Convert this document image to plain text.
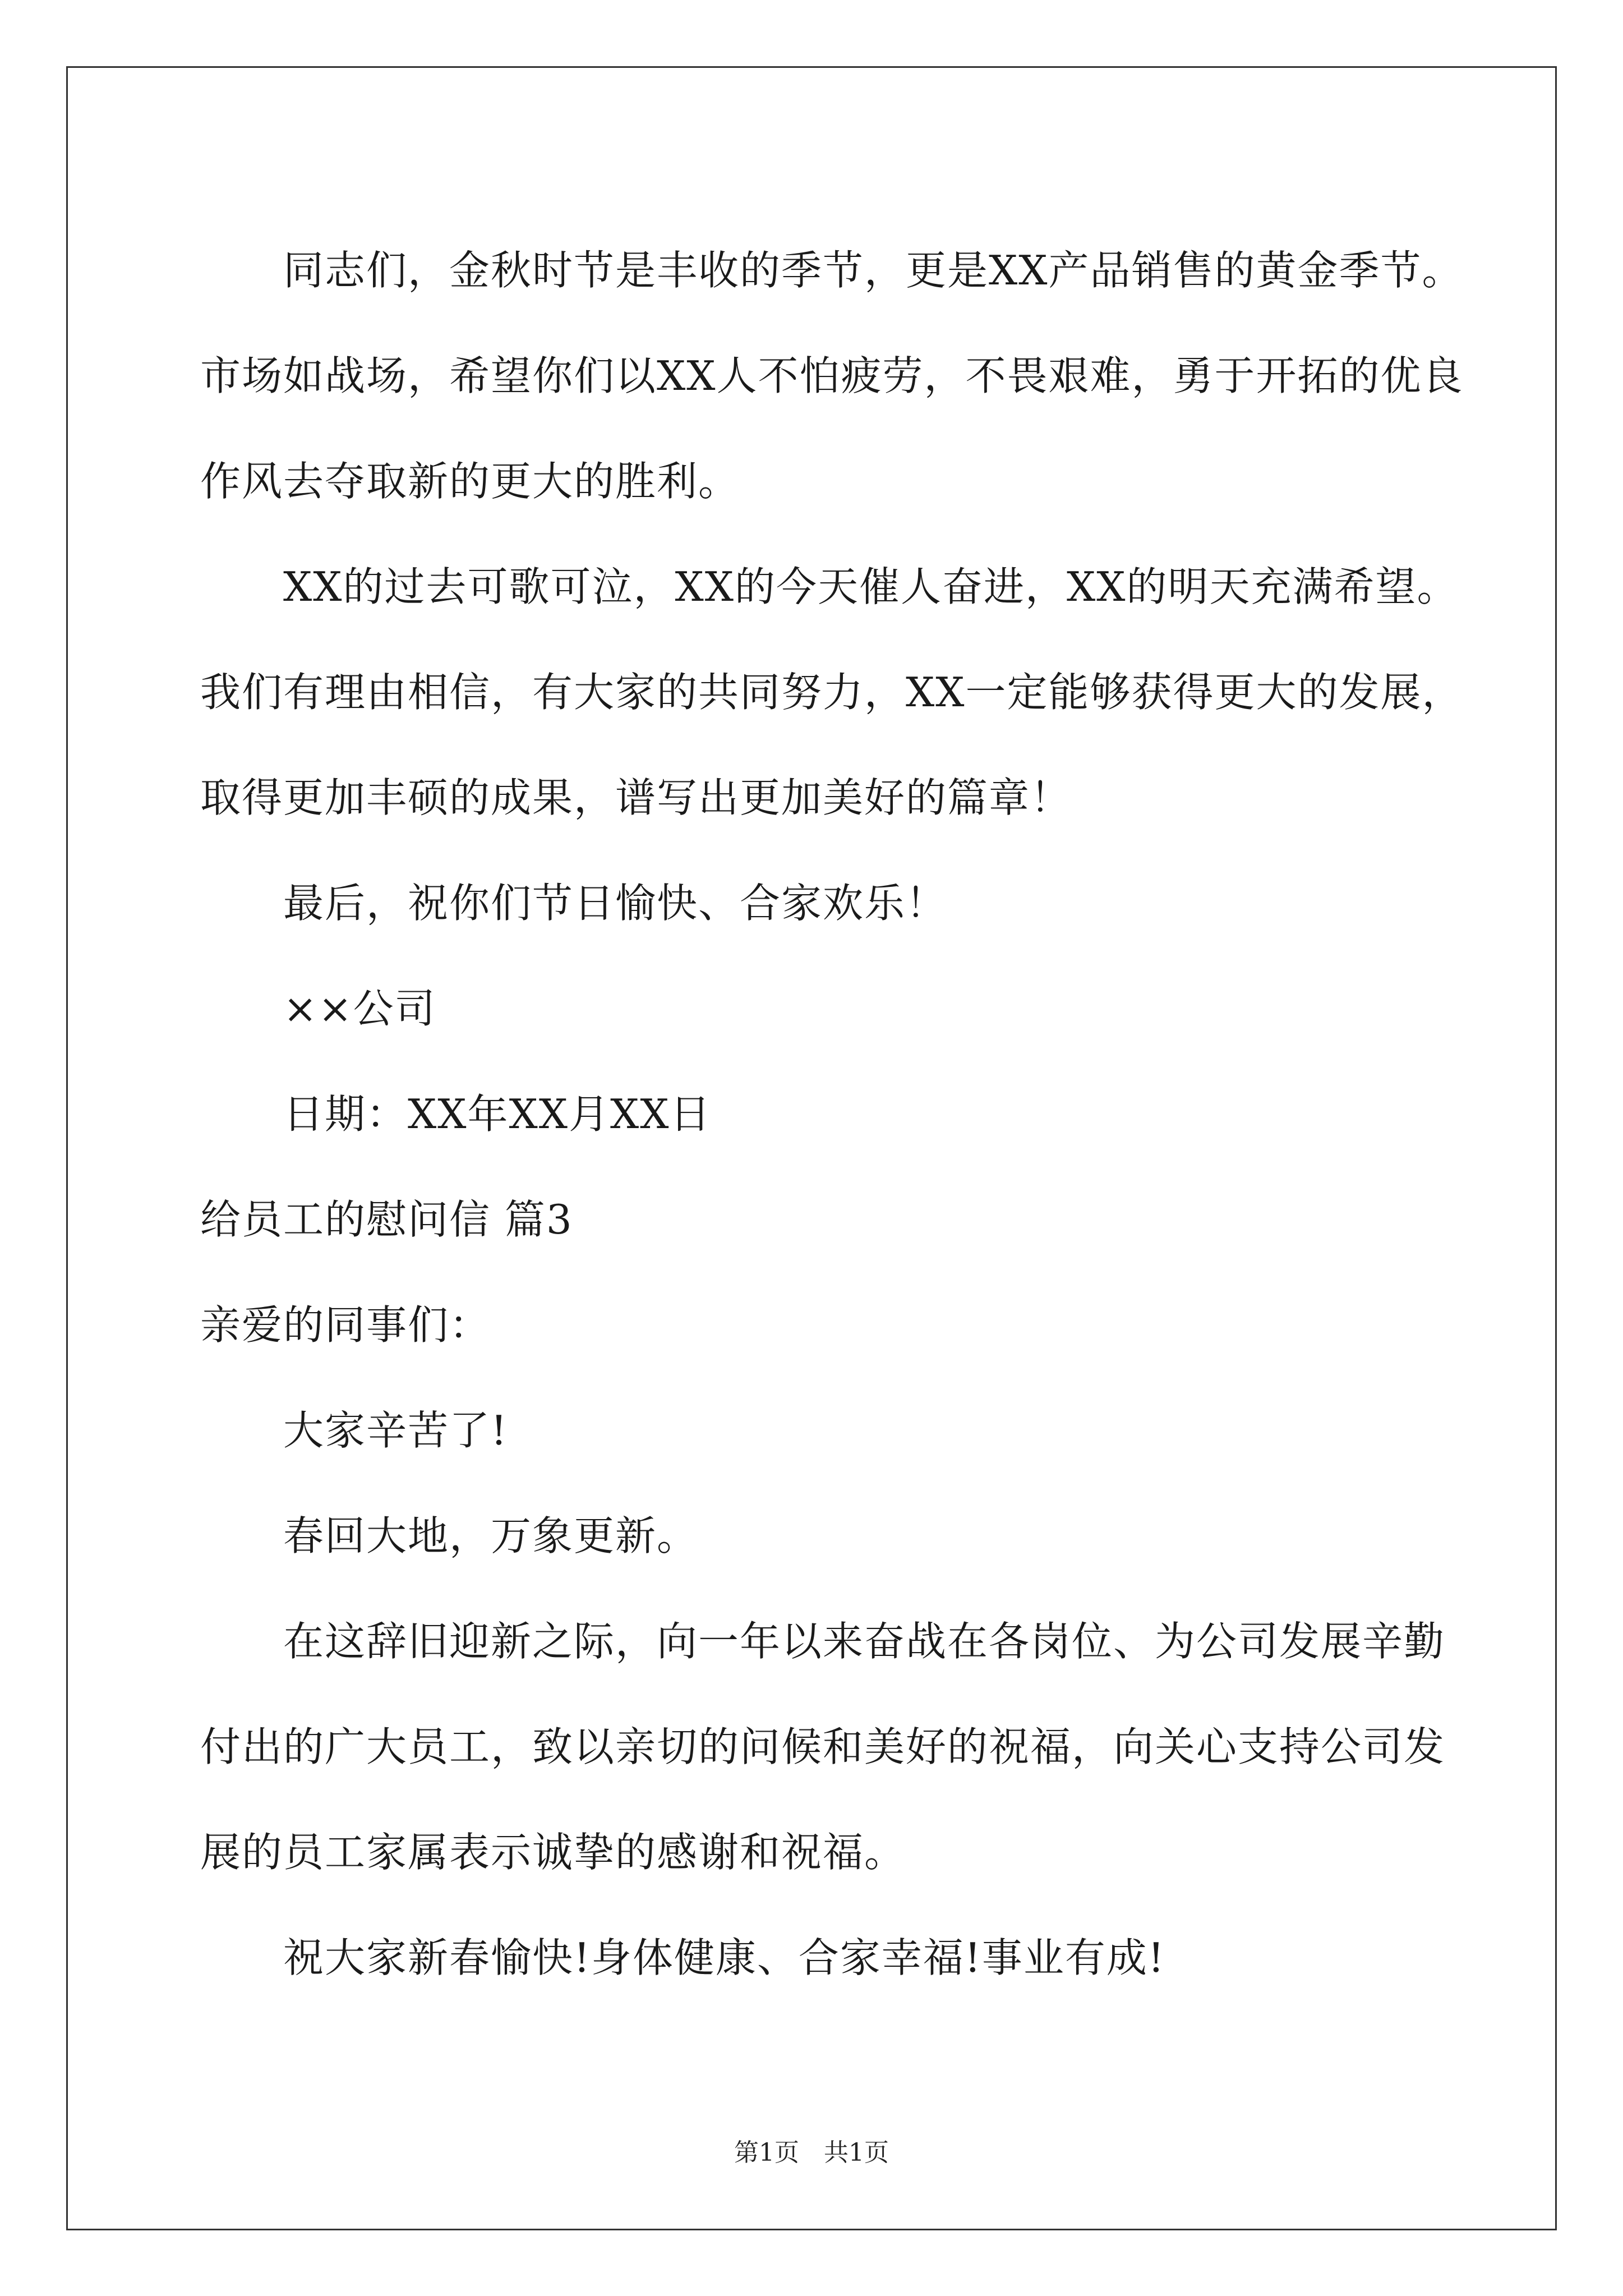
同志们，金秋时节是丰收的季节，更是XX产品销售的黄金季节。
市场如战场，希望你们以XX人不怕疲劳，不畏艰难，勇于开拓的优良
作风去夺取新的更大的胜利。
XX的过去可歌可泣，XX的今天催人奋进，XX的明天充满希望。
我们有理由相信，有大家的共同努力，XX一定能够获得更大的发展，
取得更加丰硕的成果，谱写出更加美好的篇章！
最后，祝你们节日愉快、合家欢乐！
××公司
日期：XX年XX月XX日
给员工的慰问信 篇3
亲爱的同事们：
大家辛苦了!
春回大地，万象更新。
在这辞旧迎新之际，向一年以来奋战在各岗位、为公司发展辛勤
付出的广大员工，致以亲切的问候和美好的祝福，向关心支持公司发
展的员工家属表示诚挚的感谢和祝福。
祝大家新春愉快!身体健康、合家幸福!事业有成!
第1页　共1页
